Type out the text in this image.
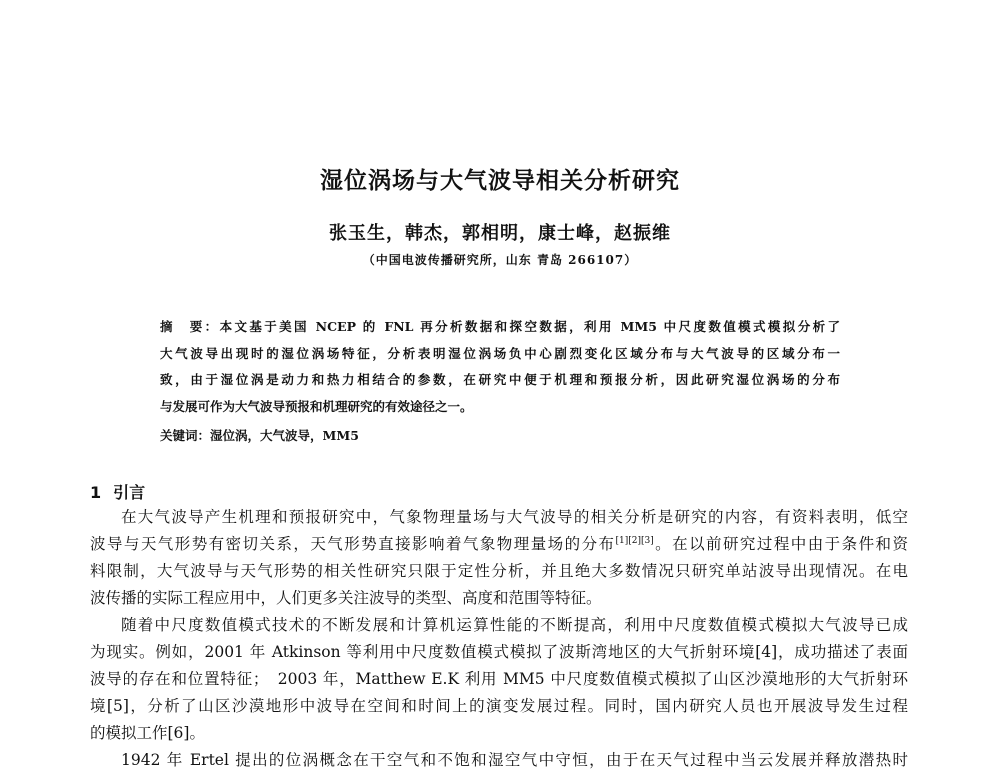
湿位涡场与大气波导相关分析研究
张玉生，韩杰，郭相明，康士峰，赵振维
（中国电波传播研究所，山东 青岛 266107）
摘　要：本文基于美国 NCEP 的 FNL 再分析数据和探空数据，利用 MM5 中尺度数值模式模拟分析了
大气波导出现时的湿位涡场特征，分析表明湿位涡场负中心剧烈变化区域分布与大气波导的区域分布一
致，由于湿位涡是动力和热力相结合的参数，在研究中便于机理和预报分析，因此研究湿位涡场的分布
与发展可作为大气波导预报和机理研究的有效途径之一。
关键词：湿位涡，大气波导，MM5
1 引言
在大气波导产生机理和预报研究中，气象物理量场与大气波导的相关分析是研究的内容，有资料表明，低空
波导与天气形势有密切关系，天气形势直接影响着气象物理量场的分布[1][2][3]。在以前研究过程中由于条件和资
料限制，大气波导与天气形势的相关性研究只限于定性分析，并且绝大多数情况只研究单站波导出现情况。在电
波传播的实际工程应用中，人们更多关注波导的类型、高度和范围等特征。
随着中尺度数值模式技术的不断发展和计算机运算性能的不断提高，利用中尺度数值模式模拟大气波导已成
为现实。例如，2001 年 Atkinson 等利用中尺度数值模式模拟了波斯湾地区的大气折射环境[4]，成功描述了表面
波导的存在和位置特征；　2003 年，Matthew E.K 利用 MM5 中尺度数值模式模拟了山区沙漠地形的大气折射环
境[5]，分析了山区沙漠地形中波导在空间和时间上的演变发展过程。同时，国内研究人员也开展波导发生过程
的模拟工作[6]。
1942 年 Ertel 提出的位涡概念在干空气和不饱和湿空气中守恒，由于在天气过程中当云发展并释放潜热时
